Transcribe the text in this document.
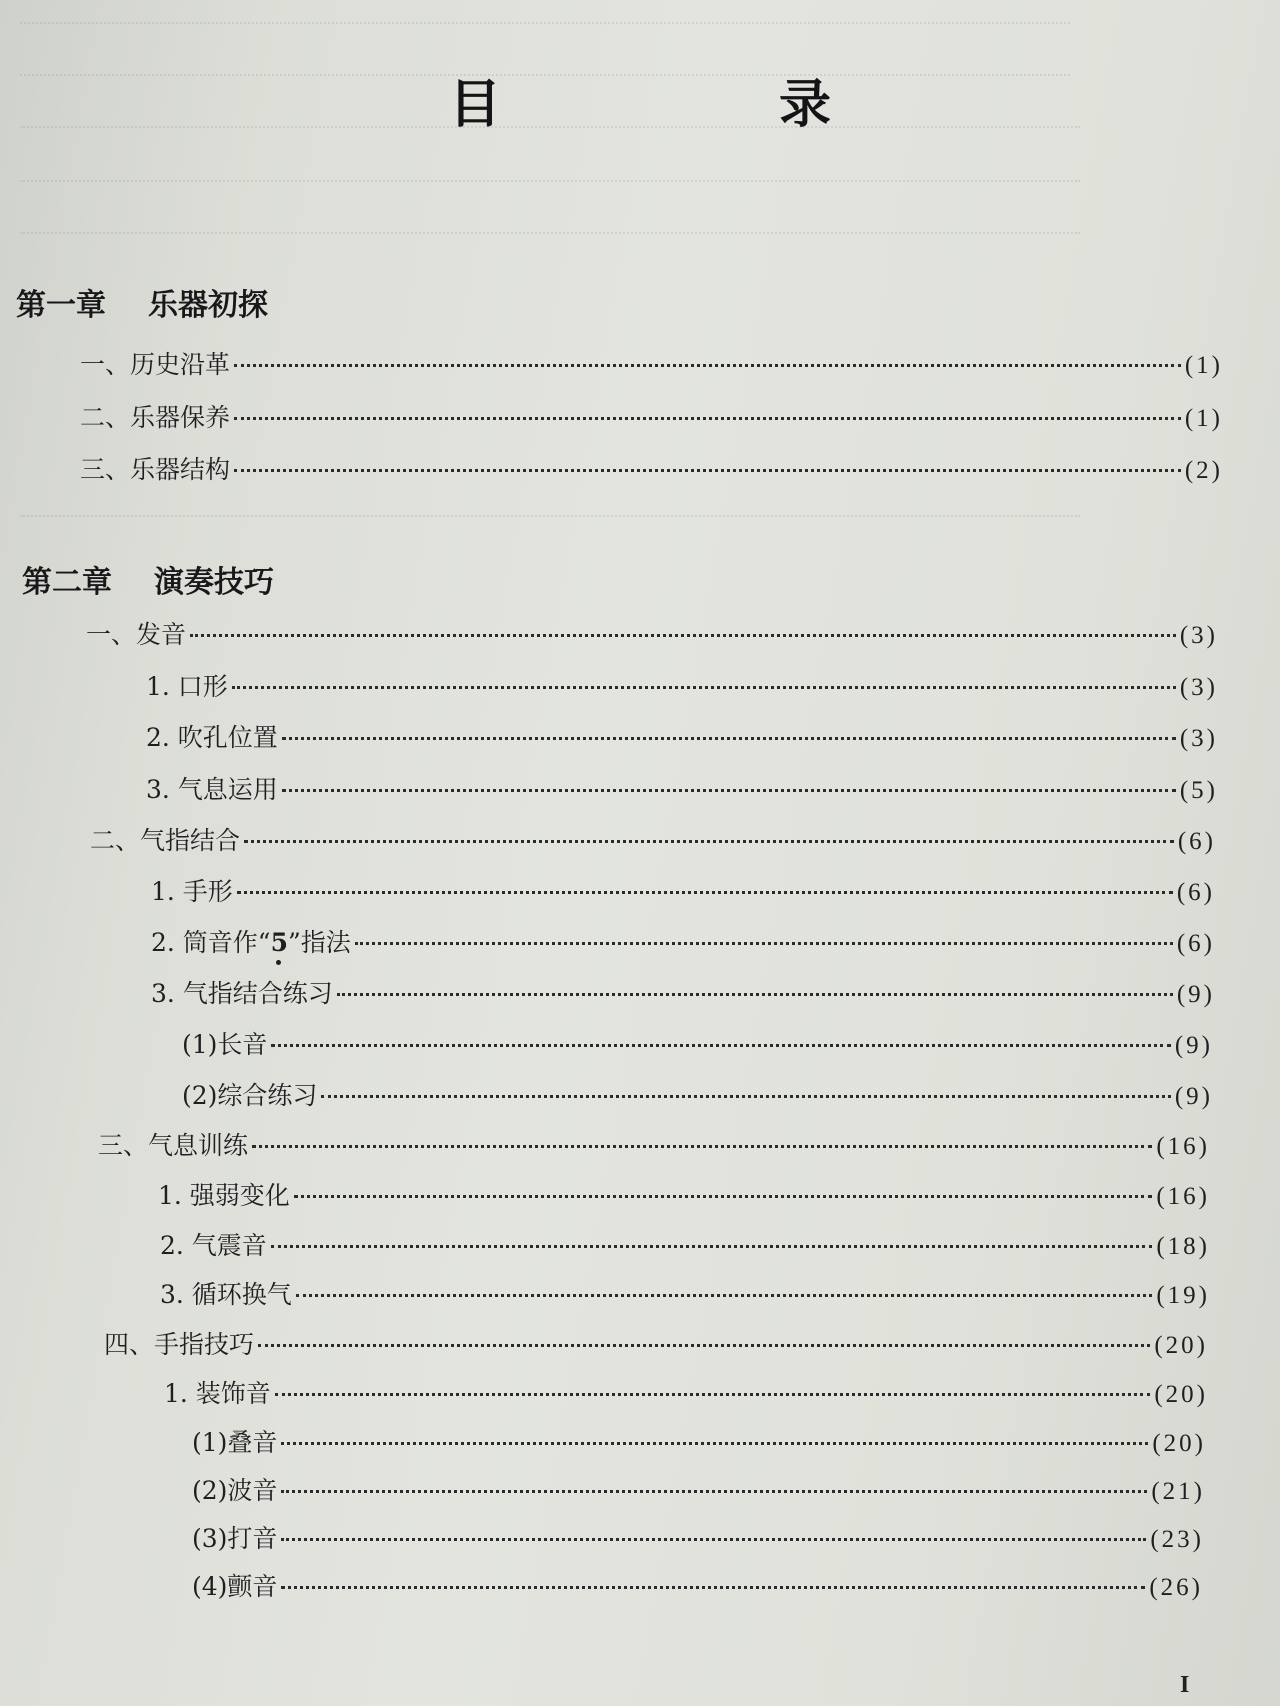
目 录
第一章 乐器初探
一、历史沿革	(1)
二、乐器保养	(1)
三、乐器结构	(2)
第二章 演奏技巧
一、发音	(3)
1. 口形	(3)
2. 吹孔位置	(3)
3. 气息运用	(5)
二、气指结合	(6)
1. 手形	(6)
2. 筒音作“5”指法	(6)
3. 气指结合练习	(9)
(1)长音	(9)
(2)综合练习	(9)
三、气息训练	(16)
1. 强弱变化	(16)
2. 气震音	(18)
3. 循环换气	(19)
四、手指技巧	(20)
1. 装饰音	(20)
(1)叠音	(20)
(2)波音	(21)
(3)打音	(23)
(4)颤音	(26)
I
